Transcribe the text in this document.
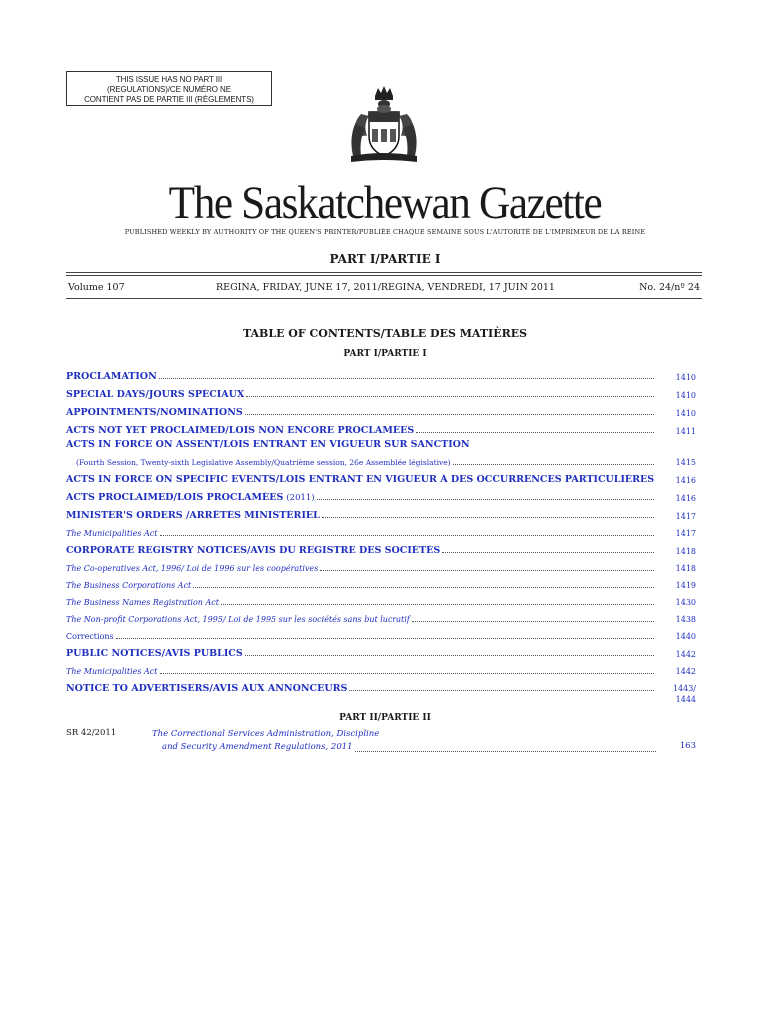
THIS ISSUE HAS NO PART III
(REGULATIONS)/CE NUMÉRO NE
CONTIENT PAS DE PARTIE III (RÈGLEMENTS)
The Saskatchewan Gazette
PUBLISHED WEEKLY BY AUTHORITY OF THE QUEEN'S PRINTER/PUBLIÉE CHAQUE SEMAINE SOUS L'AUTORITÉ DE L'IMPRIMEUR DE LA REINE
PART I/PARTIE I
Volume 107	REGINA, FRIDAY, JUNE 17, 2011/REGINA, VENDREDI, 17 JUIN 2011	No. 24/nº 24
TABLE OF CONTENTS/TABLE DES MATIÈRES
PART I/PARTIE I
PROCLAMATION	1410
SPECIAL DAYS/JOURS SPÉCIAUX	1410
APPOINTMENTS/NOMINATIONS	1410
ACTS NOT YET PROCLAIMED/LOIS NON ENCORE PROCLAMÉES	1411
ACTS IN FORCE ON ASSENT/LOIS ENTRANT EN VIGUEUR SUR SANCTION
(Fourth Session, Twenty-sixth Legislative Assembly/Quatrième session, 26e Assemblée législative)	1415
ACTS IN FORCE ON SPECIFIC EVENTS/LOIS ENTRANT EN VIGUEUR À DES OCCURRENCES PARTICULIÈRES	1416
ACTS PROCLAIMED/LOIS PROCLAMÉES (2011)	1416
MINISTER'S ORDERS /ARRÊTÉS MINISTÉRIEL	1417
The Municipalities Act	1417
CORPORATE REGISTRY NOTICES/AVIS DU REGISTRE DES SOCIÉTÉS	1418
The Co-operatives Act, 1996/ Loi de 1996 sur les coopératives	1418
The Business Corporations Act	1419
The Business Names Registration Act	1430
The Non-profit Corporations Act, 1995/ Loi de 1995 sur les sociétés sans but lucratif	1438
Corrections	1440
PUBLIC NOTICES/AVIS PUBLICS	1442
The Municipalities Act	1442
NOTICE TO ADVERTISERS/AVIS AUX ANNONCEURS	1443/
1444
PART II/PARTIE II
SR 42/2011	The Correctional Services Administration, Discipline
and Security Amendment Regulations, 2011	163
